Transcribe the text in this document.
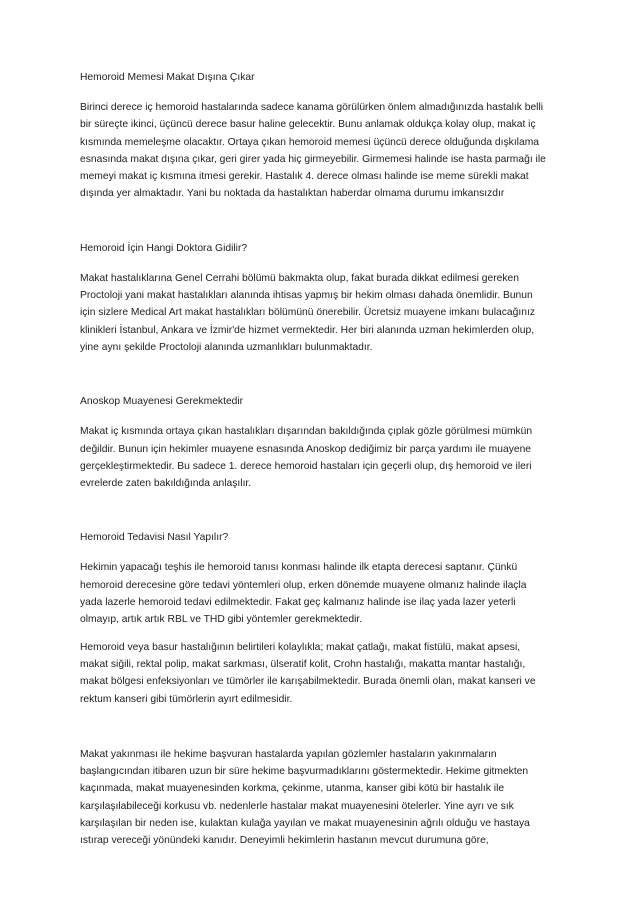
Hemoroid Memesi Makat Dışına Çıkar
Birinci derece iç hemoroid hastalarında sadece kanama görülürken önlem almadığınızda hastalık belli
bir süreçte ikinci, üçüncü derece basur haline gelecektir. Bunu anlamak oldukça kolay olup, makat iç
kısmında memeleşme olacaktır. Ortaya çıkan hemoroid memesi üçüncü derece olduğunda dışkılama
esnasında makat dışına çıkar, geri girer yada hiç girmeyebilir. Girmemesi halinde ise hasta parmağı ile
memeyi makat iç kısmına itmesi gerekir. Hastalık 4. derece olması halinde ise meme sürekli makat
dışında yer almaktadır. Yani bu noktada da hastalıktan haberdar olmama durumu imkansızdır
Hemoroid İçin Hangi Doktora Gidilir?
Makat hastalıklarına Genel Cerrahi bölümü bakmakta olup, fakat burada dikkat edilmesi gereken
Proctoloji yani makat hastalıkları alanında ihtisas yapmış bir hekim olması dahada önemlidir. Bunun
için sizlere Medical Art makat hastalıkları bölümünü önerebilir. Ücretsiz muayene imkanı bulacağınız
klinikleri İstanbul, Ankara ve İzmir'de hizmet vermektedir. Her biri alanında uzman hekimlerden olup,
yine aynı şekilde Proctoloji alanında uzmanlıkları bulunmaktadır.
Anoskop Muayenesi Gerekmektedir
Makat iç kısmında ortaya çıkan hastalıkları dışarından bakıldığında çıplak gözle görülmesi mümkün
değildir. Bunun için hekimler muayene esnasında Anoskop dediğimiz bir parça yardımı ile muayene
gerçekleştirmektedir. Bu sadece 1. derece hemoroid hastaları için geçerli olup, dış hemoroid ve ileri
evrelerde zaten bakıldığında anlaşılır.
Hemoroid Tedavisi Nasıl Yapılır?
Hekimin yapacağı teşhis ile hemoroid tanısı konması halinde ilk etapta derecesi saptanır. Çünkü
hemoroid derecesine göre tedavi yöntemleri olup, erken dönemde muayene olmanız halinde ilaçla
yada lazerle hemoroid tedavi edilmektedir. Fakat geç kalmanız halinde ise ilaç yada lazer yeterli
olmayıp, artık artık RBL ve THD gibi yöntemler gerekmektedir.
Hemoroid veya basur hastalığının belirtileri kolaylıkla; makat çatlağı, makat fistülü, makat apsesi,
makat siğili, rektal polip, makat sarkması, ülseratif kolit, Crohn hastalığı, makatta mantar hastalığı,
makat bölgesi enfeksiyonları ve tümörler ile karışabilmektedir. Burada önemli olan, makat kanseri ve
rektum kanseri gibi tümörlerin ayırt edilmesidir.
Makat yakınması ile hekime başvuran hastalarda yapılan gözlemler hastaların yakınmaların
başlangıcından itibaren uzun bir süre hekime başvurmadıklarını göstermektedir. Hekime gitmekten
kaçınmada, makat muayenesinden korkma, çekinme, utanma, kanser gibi kötü bir hastalık ile
karşılaşılabileceği korkusu vb. nedenlerle hastalar makat muayenesini ötelerler. Yine ayrı ve sık
karşılaşılan bir neden ise, kulaktan kulağa yayılan ve makat muayenesinin ağrılı olduğu ve hastaya
ıstırap vereceği yönündeki kanıdır. Deneyimli hekimlerin hastanın mevcut durumuna göre,
